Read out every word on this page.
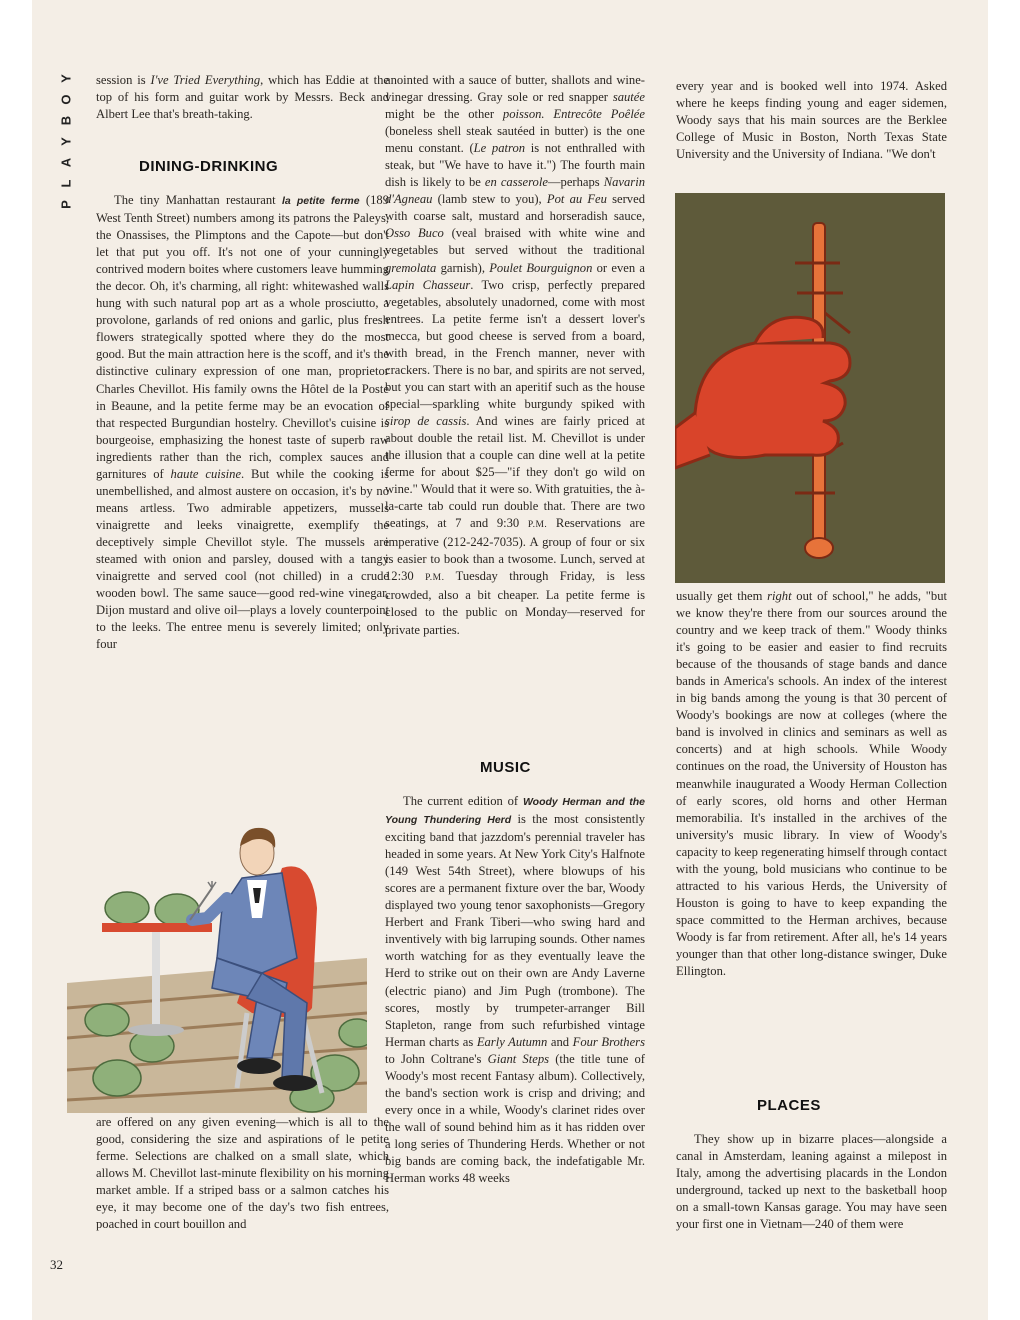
Y
O
B
Y
A
L
P

session is I've Tried Everything, which has Eddie at the top of his form and guitar work by Messrs. Beck and Albert Lee that's breath-taking.

DINING-DRINKING

The tiny Manhattan restaurant la petite ferme (189 West Tenth Street) numbers among its patrons the Paleys, the Onassises, the Plimptons and the Capote—but don't let that put you off. It's not one of your cunningly contrived modern boites where customers leave humming the decor. Oh, it's charming, all right: whitewashed walls hung with such natural pop art as a whole prosciutto, a provolone, garlands of red onions and garlic, plus fresh flowers strategically spotted where they do the most good. But the main attraction here is the scoff, and it's the distinctive culinary expression of one man, proprietor Charles Chevillot. His family owns the Hôtel de la Poste in Beaune, and la petite ferme may be an evocation of that respected Burgundian hostelry. Chevillot's cuisine is bourgeoise, emphasizing the honest taste of superb raw ingredients rather than the rich, complex sauces and garnitures of haute cuisine. But while the cooking is unembellished, and almost austere on occasion, it's by no means artless. Two admirable appetizers, mussels vinaigrette and leeks vinaigrette, exemplify the deceptively simple Chevillot style. The mussels are steamed with onion and parsley, doused with a tangy vinaigrette and served cool (not chilled) in a crude wooden bowl. The same sauce—good red-wine vinegar, Dijon mustard and olive oil—plays a lovely counterpoint to the leeks. The entree menu is severely limited; only four

are offered on any given evening—which is all to the good, considering the size and aspirations of le petite ferme. Selections are chalked on a small slate, which allows M. Chevillot last-minute flexibility on his morning market amble. If a striped bass or a salmon catches his eye, it may become one of the day's two fish entrees, poached in court bouillon and

anointed with a sauce of butter, shallots and wine-vinegar dressing. Gray sole or red snapper sautée might be the other poisson. Entrecôte Poêlée (boneless shell steak sautéed in butter) is the one menu constant. (Le patron is not enthralled with steak, but "We have to have it.") The fourth main dish is likely to be en casserole—perhaps Navarin d'Agneau (lamb stew to you), Pot au Feu served with coarse salt, mustard and horseradish sauce, Osso Buco (veal braised with white wine and vegetables but served without the traditional gremolata garnish), Poulet Bourguignon or even a Lapin Chasseur. Two crisp, perfectly prepared vegetables, absolutely unadorned, come with most entrees. La petite ferme isn't a dessert lover's mecca, but good cheese is served from a board, with bread, in the French manner, never with crackers. There is no bar, and spirits are not served, but you can start with an aperitif such as the house special—sparkling white burgundy spiked with sirop de cassis. And wines are fairly priced at about double the retail list. M. Chevillot is under the illusion that a couple can dine well at la petite ferme for about $25—"if they don't go wild on wine." Would that it were so. With gratuities, the à-la-carte tab could run double that. There are two seatings, at 7 and 9:30 P.M. Reservations are imperative (212-242-7035). A group of four or six is easier to book than a twosome. Lunch, served at 12:30 P.M. Tuesday through Friday, is less crowded, also a bit cheaper. La petite ferme is closed to the public on Monday—reserved for private parties.

MUSIC

The current edition of Woody Herman and the Young Thundering Herd is the most consistently exciting band that jazzdom's perennial traveler has headed in some years. At New York City's Halfnote (149 West 54th Street), where blowups of his scores are a permanent fixture over the bar, Woody displayed two young tenor saxophonists—Gregory Herbert and Frank Tiberi—who swing hard and inventively with big larruping sounds. Other names worth watching for as they eventually leave the Herd to strike out on their own are Andy Laverne (electric piano) and Jim Pugh (trombone). The scores, mostly by trumpeter-arranger Bill Stapleton, range from such refurbished vintage Herman charts as Early Autumn and Four Brothers to John Coltrane's Giant Steps (the title tune of Woody's most recent Fantasy album). Collectively, the band's section work is crisp and driving; and every once in a while, Woody's clarinet rides over the wall of sound behind him as it has ridden over a long series of Thundering Herds. Whether or not big bands are coming back, the indefatigable Mr. Herman works 48 weeks

every year and is booked well into 1974. Asked where he keeps finding young and eager sidemen, Woody says that his main sources are the Berklee College of Music in Boston, North Texas State University and the University of Indiana. "We don't

usually get them right out of school," he adds, "but we know they're there from our sources around the country and we keep track of them." Woody thinks it's going to be easier and easier to find recruits because of the thousands of stage bands and dance bands in America's schools. An index of the interest in big bands among the young is that 30 percent of Woody's bookings are now at colleges (where the band is involved in clinics and seminars as well as concerts) and at high schools. While Woody continues on the road, the University of Houston has meanwhile inaugurated a Woody Herman Collection of early scores, old horns and other Herman memorabilia. It's installed in the archives of the university's music library. In view of Woody's capacity to keep regenerating himself through contact with the young, bold musicians who continue to be attracted to his various Herds, the University of Houston is going to have to keep expanding the space committed to the Herman archives, because Woody is far from retirement. After all, he's 14 years younger than that other long-distance swinger, Duke Ellington.

PLACES

They show up in bizarre places—alongside a canal in Amsterdam, leaning against a milepost in Italy, among the advertising placards in the London underground, tacked up next to the basketball hoop on a small-town Kansas garage. You may have seen your first one in Vietnam—240 of them were

32
